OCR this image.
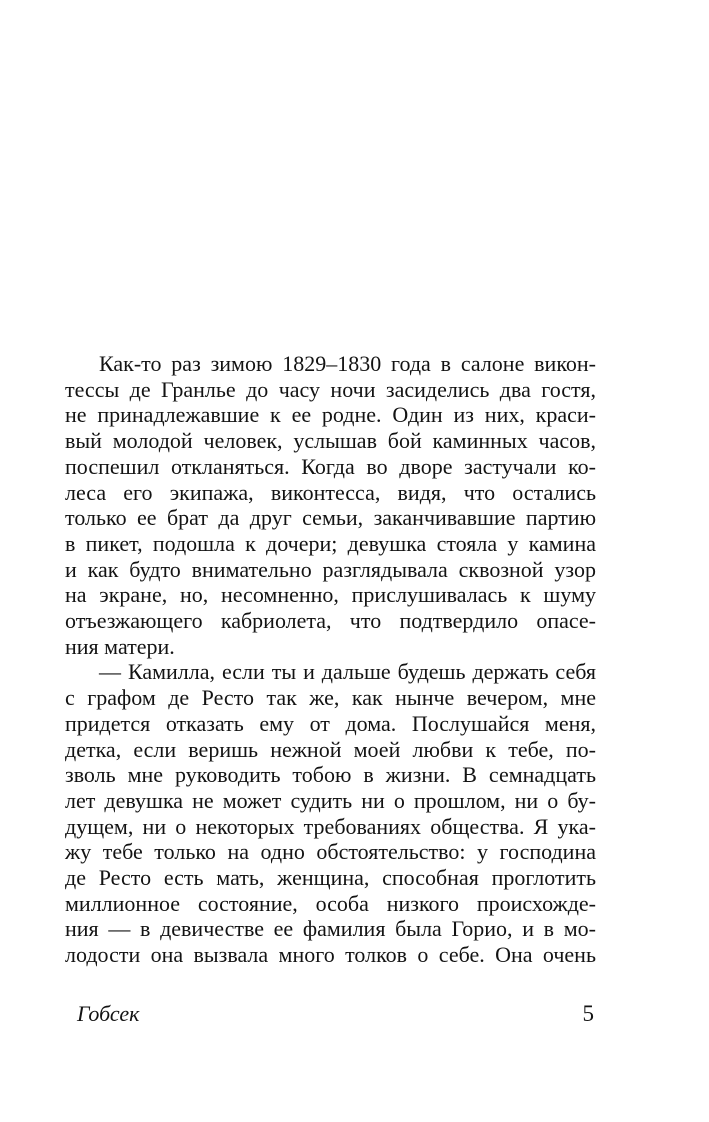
Как-то раз зимою 1829–1830 года в салоне викон-
тессы де Гранлье до часу ночи засиделись два гостя,
не принадлежавшие к ее родне. Один из них, краси-
вый молодой человек, услышав бой каминных часов,
поспешил откланяться. Когда во дворе застучали ко-
леса его экипажа, виконтесса, видя, что остались
только ее брат да друг семьи, заканчивавшие партию
в пикет, подошла к дочери; девушка стояла у камина
и как будто внимательно разглядывала сквозной узор
на экране, но, несомненно, прислушивалась к шуму
отъезжающего кабриолета, что подтвердило опасе-
ния матери.
— Камилла, если ты и дальше будешь держать себя
с графом де Ресто так же, как нынче вечером, мне
придется отказать ему от дома. Послушайся меня,
детка, если веришь нежной моей любви к тебе, по-
зволь мне руководить тобою в жизни. В семнадцать
лет девушка не может судить ни о прошлом, ни о бу-
дущем, ни о некоторых требованиях общества. Я ука-
жу тебе только на одно обстоятельство: у господина
де Ресто есть мать, женщина, способная проглотить
миллионное состояние, особа низкого происхожде-
ния — в девичестве ее фамилия была Горио, и в мо-
лодости она вызвала много толков о себе. Она очень
Гобсек	5
